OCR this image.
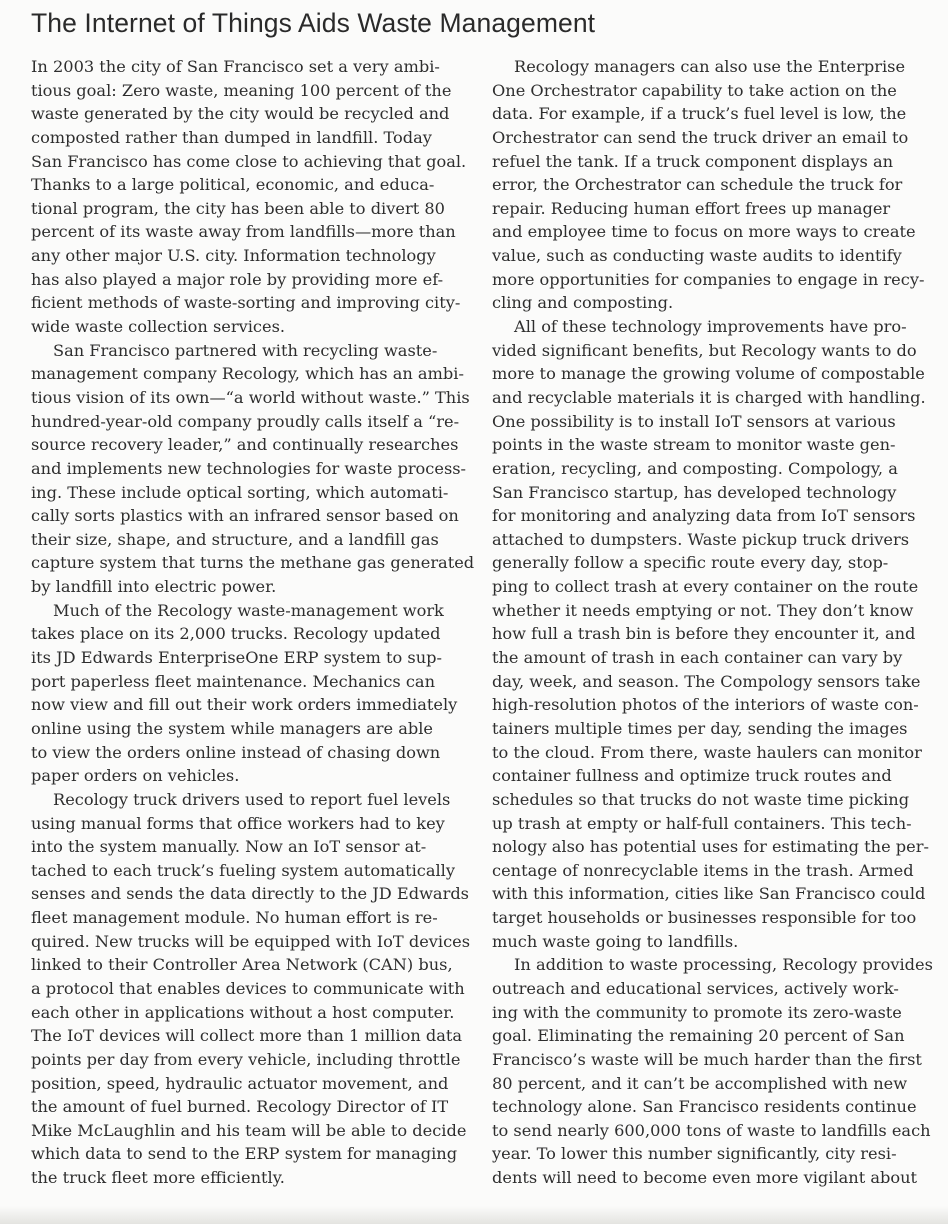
The Internet of Things Aids Waste Management
In 2003 the city of San Francisco set a very ambi-
tious goal: Zero waste, meaning 100 percent of the
waste generated by the city would be recycled and
composted rather than dumped in landfill. Today
San Francisco has come close to achieving that goal.
Thanks to a large political, economic, and educa-
tional program, the city has been able to divert 80
percent of its waste away from landfills—more than
any other major U.S. city. Information technology
has also played a major role by providing more ef-
ficient methods of waste-sorting and improving city-
wide waste collection services.
San Francisco partnered with recycling waste-
management company Recology, which has an ambi-
tious vision of its own—“a world without waste.” This
hundred-year-old company proudly calls itself a “re-
source recovery leader,” and continually researches
and implements new technologies for waste process-
ing. These include optical sorting, which automati-
cally sorts plastics with an infrared sensor based on
their size, shape, and structure, and a landfill gas
capture system that turns the methane gas generated
by landfill into electric power.
Much of the Recology waste-management work
takes place on its 2,000 trucks. Recology updated
its JD Edwards EnterpriseOne ERP system to sup-
port paperless fleet maintenance. Mechanics can
now view and fill out their work orders immediately
online using the system while managers are able
to view the orders online instead of chasing down
paper orders on vehicles.
Recology truck drivers used to report fuel levels
using manual forms that office workers had to key
into the system manually. Now an IoT sensor at-
tached to each truck’s fueling system automatically
senses and sends the data directly to the JD Edwards
fleet management module. No human effort is re-
quired. New trucks will be equipped with IoT devices
linked to their Controller Area Network (CAN) bus,
a protocol that enables devices to communicate with
each other in applications without a host computer.
The IoT devices will collect more than 1 million data
points per day from every vehicle, including throttle
position, speed, hydraulic actuator movement, and
the amount of fuel burned. Recology Director of IT
Mike McLaughlin and his team will be able to decide
which data to send to the ERP system for managing
the truck fleet more efficiently.
Recology managers can also use the Enterprise
One Orchestrator capability to take action on the
data. For example, if a truck’s fuel level is low, the
Orchestrator can send the truck driver an email to
refuel the tank. If a truck component displays an
error, the Orchestrator can schedule the truck for
repair. Reducing human effort frees up manager
and employee time to focus on more ways to create
value, such as conducting waste audits to identify
more opportunities for companies to engage in recy-
cling and composting.
All of these technology improvements have pro-
vided significant benefits, but Recology wants to do
more to manage the growing volume of compostable
and recyclable materials it is charged with handling.
One possibility is to install IoT sensors at various
points in the waste stream to monitor waste gen-
eration, recycling, and composting. Compology, a
San Francisco startup, has developed technology
for monitoring and analyzing data from IoT sensors
attached to dumpsters. Waste pickup truck drivers
generally follow a specific route every day, stop-
ping to collect trash at every container on the route
whether it needs emptying or not. They don’t know
how full a trash bin is before they encounter it, and
the amount of trash in each container can vary by
day, week, and season. The Compology sensors take
high-resolution photos of the interiors of waste con-
tainers multiple times per day, sending the images
to the cloud. From there, waste haulers can monitor
container fullness and optimize truck routes and
schedules so that trucks do not waste time picking
up trash at empty or half-full containers. This tech-
nology also has potential uses for estimating the per-
centage of nonrecyclable items in the trash. Armed
with this information, cities like San Francisco could
target households or businesses responsible for too
much waste going to landfills.
In addition to waste processing, Recology provides
outreach and educational services, actively work-
ing with the community to promote its zero-waste
goal. Eliminating the remaining 20 percent of San
Francisco’s waste will be much harder than the first
80 percent, and it can’t be accomplished with new
technology alone. San Francisco residents continue
to send nearly 600,000 tons of waste to landfills each
year. To lower this number significantly, city resi-
dents will need to become even more vigilant about
